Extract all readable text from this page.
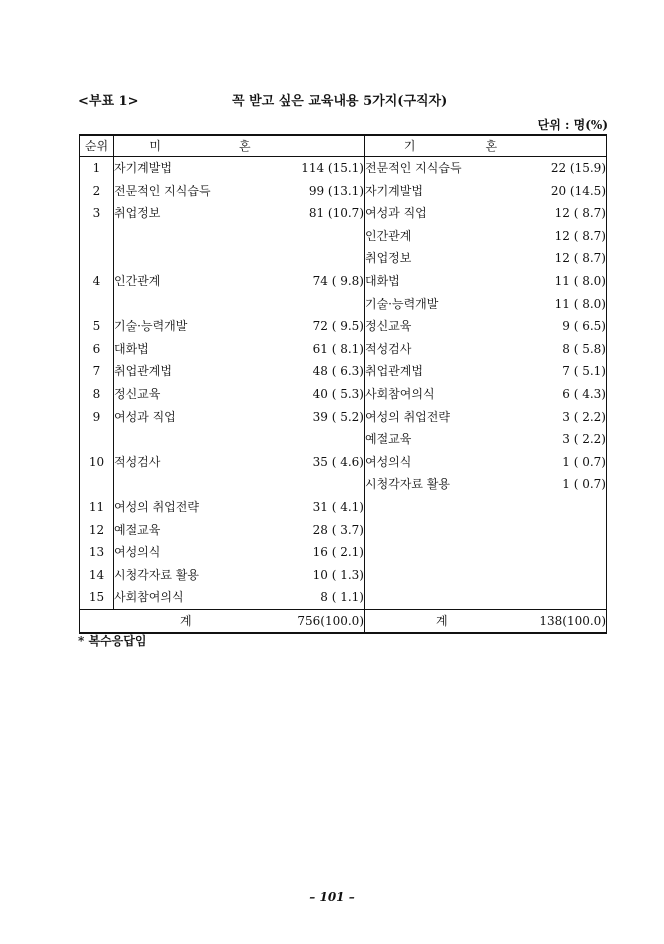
<부표 1>	꼭 받고 싶은 교육내용 5가지(구직자)
단위 : 명(%)
순위	미혼		기혼	
1	자기계발법	114 (15.1)	전문적인 지식습득	22 (15.9)
2	전문적인 지식습득	99 (13.1)	자기계발법	20 (14.5)
3	취업정보	81 (10.7)	여성과 직업	12 ( 8.7)
			인간관계	12 ( 8.7)
			취업정보	12 ( 8.7)
4	인간관계	74 ( 9.8)	대화법	11 ( 8.0)
			기술·능력개발	11 ( 8.0)
5	기술·능력개발	72 ( 9.5)	정신교육	9 ( 6.5)
6	대화법	61 ( 8.1)	적성검사	8 ( 5.8)
7	취업관계법	48 ( 6.3)	취업관계법	7 ( 5.1)
8	정신교육	40 ( 5.3)	사회참여의식	6 ( 4.3)
9	여성과 직업	39 ( 5.2)	여성의 취업전략	3 ( 2.2)
			예절교육	3 ( 2.2)
10	적성검사	35 ( 4.6)	여성의식	1 ( 0.7)
			시청각자료 활용	1 ( 0.7)
11	여성의 취업전략	31 ( 4.1)		
12	예절교육	28 ( 3.7)		
13	여성의식	16 ( 2.1)		
14	시청각자료 활용	10 ( 1.3)		
15	사회참여의식	8 ( 1.1)		
계		756(100.0)	계	138(100.0)
* 복수응답임
– 101 –
